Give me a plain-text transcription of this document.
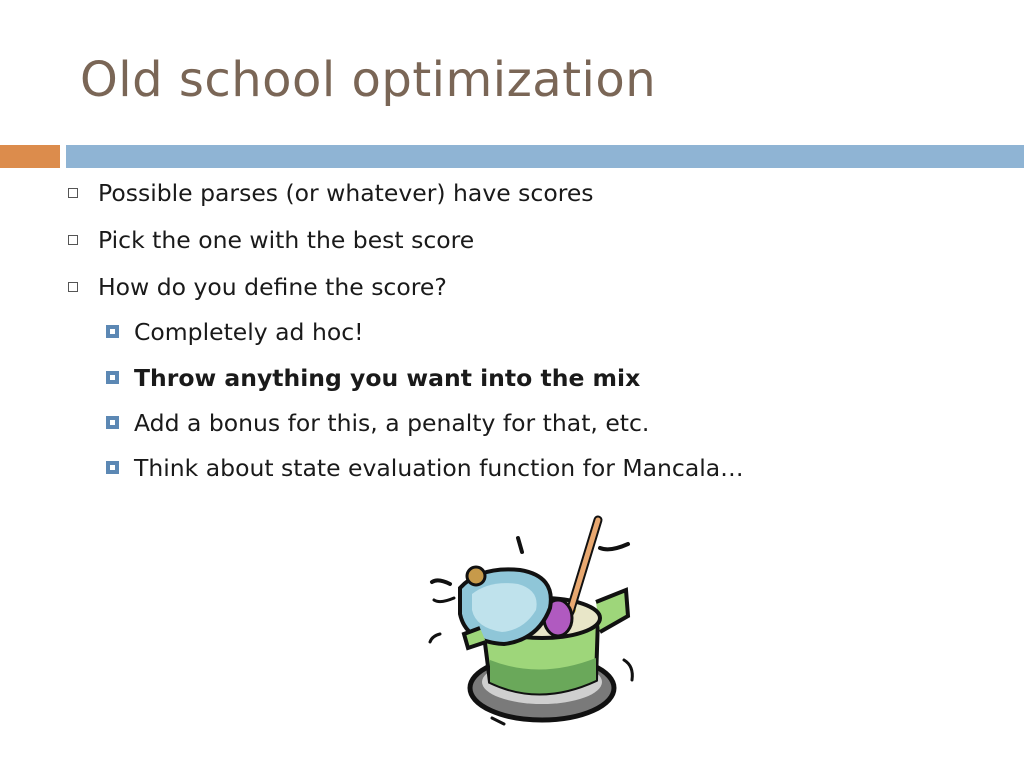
Old school optimization
Possible parses (or whatever) have scores
Pick the one with the best score
How do you define the score?
Completely ad hoc!
Throw anything you want into the mix
Add a bonus for this, a penalty for that, etc.
Think about state evaluation function for Mancala…
